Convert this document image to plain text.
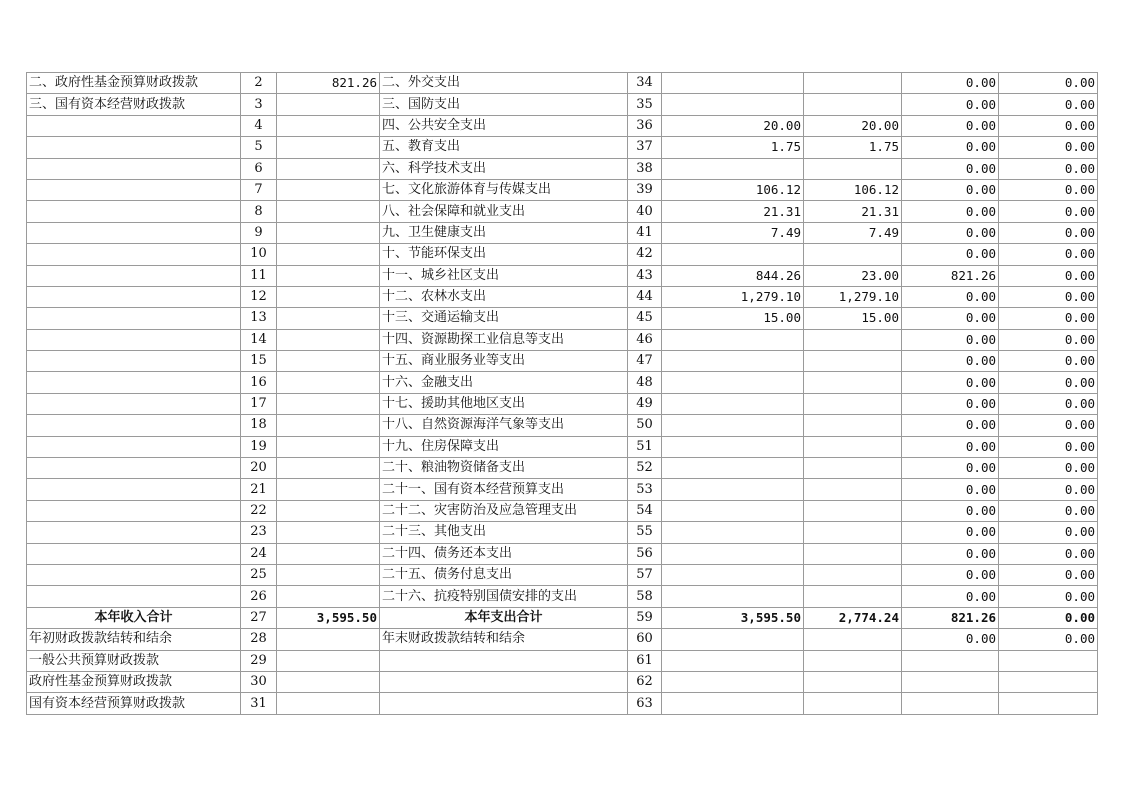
二、政府性基金预算财政拨款	2	821.26	二、外交支出	34			0.00	0.00
三、国有资本经营财政拨款	3		三、国防支出	35			0.00	0.00
	4		四、公共安全支出	36	20.00	20.00	0.00	0.00
	5		五、教育支出	37	1.75	1.75	0.00	0.00
	6		六、科学技术支出	38			0.00	0.00
	7		七、文化旅游体育与传媒支出	39	106.12	106.12	0.00	0.00
	8		八、社会保障和就业支出	40	21.31	21.31	0.00	0.00
	9		九、卫生健康支出	41	7.49	7.49	0.00	0.00
	10		十、节能环保支出	42			0.00	0.00
	11		十一、城乡社区支出	43	844.26	23.00	821.26	0.00
	12		十二、农林水支出	44	1,279.10	1,279.10	0.00	0.00
	13		十三、交通运输支出	45	15.00	15.00	0.00	0.00
	14		十四、资源勘探工业信息等支出	46			0.00	0.00
	15		十五、商业服务业等支出	47			0.00	0.00
	16		十六、金融支出	48			0.00	0.00
	17		十七、援助其他地区支出	49			0.00	0.00
	18		十八、自然资源海洋气象等支出	50			0.00	0.00
	19		十九、住房保障支出	51			0.00	0.00
	20		二十、粮油物资储备支出	52			0.00	0.00
	21		二十一、国有资本经营预算支出	53			0.00	0.00
	22		二十二、灾害防治及应急管理支出	54			0.00	0.00
	23		二十三、其他支出	55			0.00	0.00
	24		二十四、债务还本支出	56			0.00	0.00
	25		二十五、债务付息支出	57			0.00	0.00
	26		二十六、抗疫特别国债安排的支出	58			0.00	0.00
本年收入合计	27	3,595.50	本年支出合计	59	3,595.50	2,774.24	821.26	0.00
年初财政拨款结转和结余	28		年末财政拨款结转和结余	60			0.00	0.00
一般公共预算财政拨款	29			61				
政府性基金预算财政拨款	30			62				
国有资本经营预算财政拨款	31			63				
